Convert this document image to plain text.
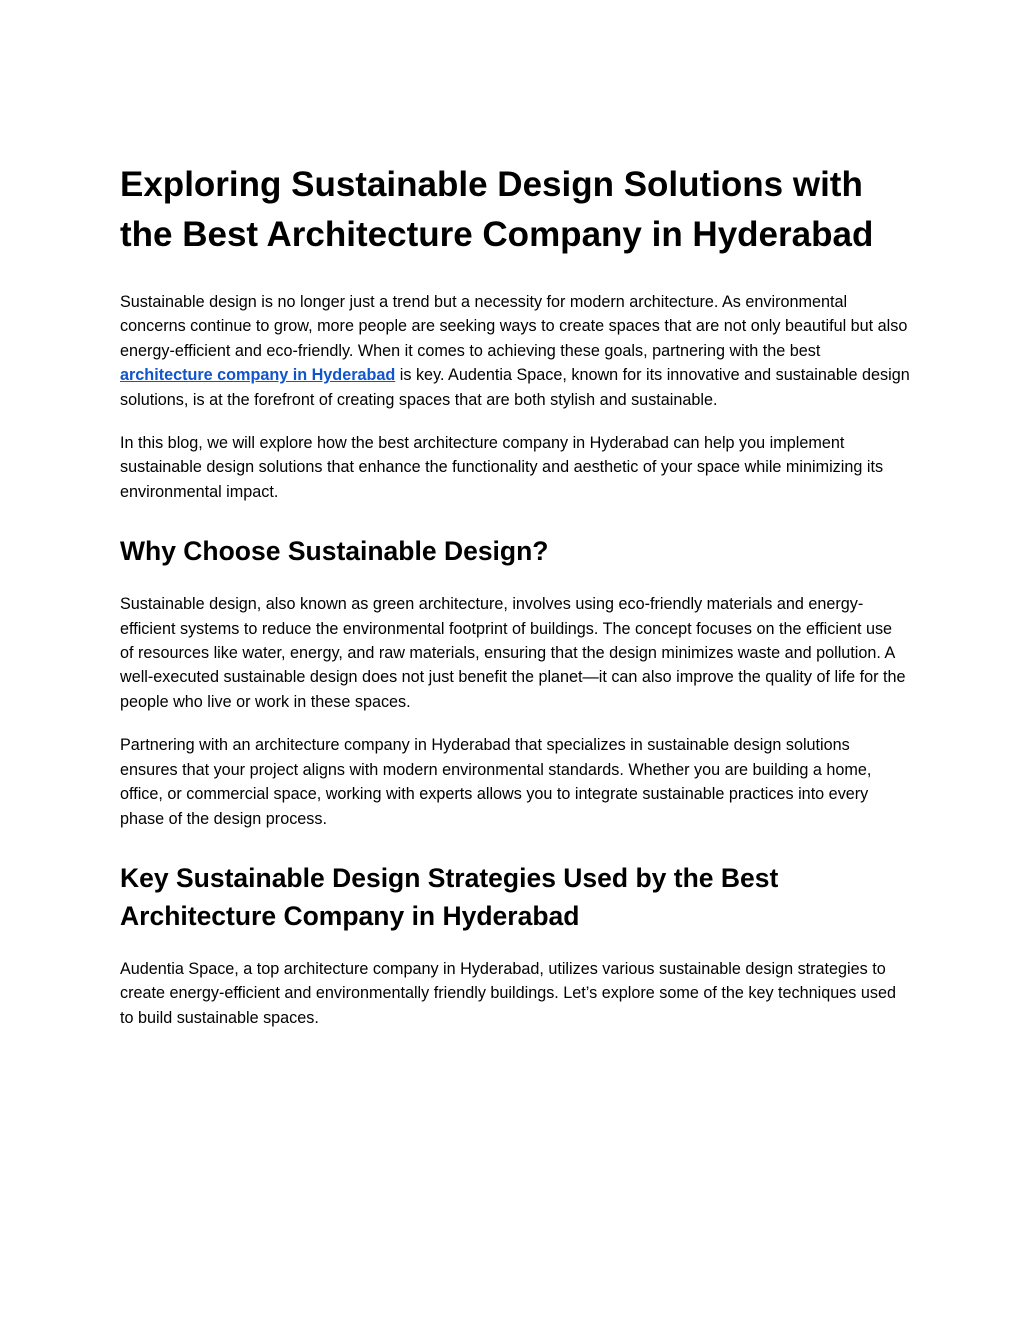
Exploring Sustainable Design Solutions with the Best Architecture Company in Hyderabad

Sustainable design is no longer just a trend but a necessity for modern architecture. As environmental concerns continue to grow, more people are seeking ways to create spaces that are not only beautiful but also energy-efficient and eco-friendly. When it comes to achieving these goals, partnering with the best architecture company in Hyderabad is key. Audentia Space, known for its innovative and sustainable design solutions, is at the forefront of creating spaces that are both stylish and sustainable.

In this blog, we will explore how the best architecture company in Hyderabad can help you implement sustainable design solutions that enhance the functionality and aesthetic of your space while minimizing its environmental impact.

Why Choose Sustainable Design?

Sustainable design, also known as green architecture, involves using eco-friendly materials and energy-efficient systems to reduce the environmental footprint of buildings. The concept focuses on the efficient use of resources like water, energy, and raw materials, ensuring that the design minimizes waste and pollution. A well-executed sustainable design does not just benefit the planet—it can also improve the quality of life for the people who live or work in these spaces.

Partnering with an architecture company in Hyderabad that specializes in sustainable design solutions ensures that your project aligns with modern environmental standards. Whether you are building a home, office, or commercial space, working with experts allows you to integrate sustainable practices into every phase of the design process.

Key Sustainable Design Strategies Used by the Best Architecture Company in Hyderabad

Audentia Space, a top architecture company in Hyderabad, utilizes various sustainable design strategies to create energy-efficient and environmentally friendly buildings. Let’s explore some of the key techniques used to build sustainable spaces.
